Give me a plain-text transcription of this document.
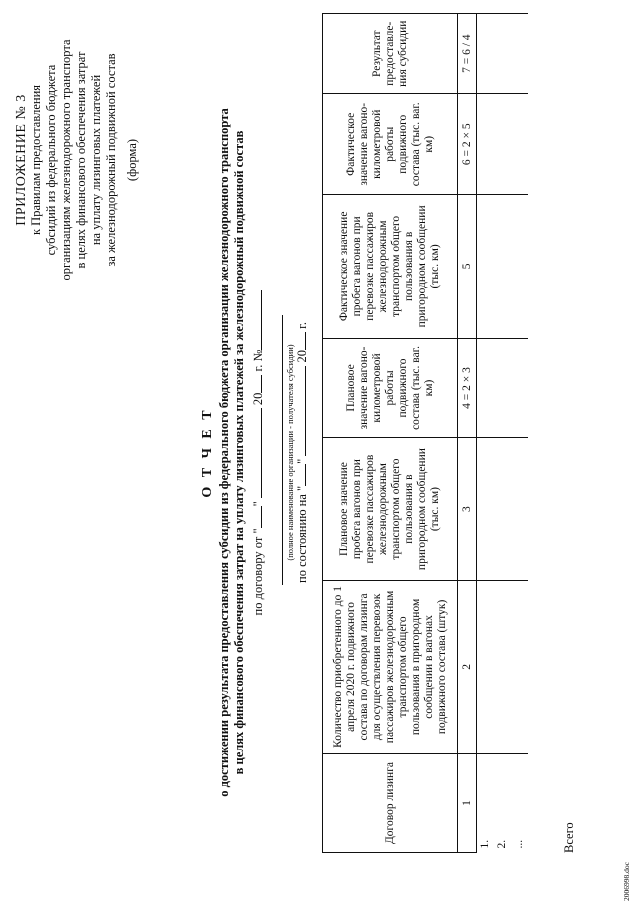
ПРИЛОЖЕНИЕ № 3 к Правилам предоставления субсидий из федерального бюджета организациям железнодорожного транспорта в целях финансового обеспечения затрат на уплату лизинговых платежей за железнодорожный подвижной состав (форма)
О Т Ч Е Т о достижении результата предоставления субсидии из федерального бюджета организации железнодорожного транспорта в целях финансового обеспечения затрат на уплату лизинговых платежей за железнодорожный подвижной состав по договору от ""  20 г. № (полное наименование организации - получателя субсидии) по состоянию на ""  20 г.
Договор лизинга	Количество приобретенного до 1 апреля 2020 г. подвижного состава по договорам лизинга для осуществления перевозок пассажиров железнодорожным транспортом общего пользования в пригородном сообщении в вагонах подвижного состава (штук)	Плановое значение пробега вагонов при перевозке пассажиров железнодорожным транспортом общего пользования в пригородном сообщении (тыс. км)	Плановое значение вагоно-километровой работы подвижного состава (тыс. ваг. км)	Фактическое значение пробега вагонов при перевозке пассажиров железнодорожным транспортом общего пользования в пригородном сообщении (тыс. км)	Фактическое значение вагоно-километровой работы подвижного состава (тыс. ваг. км)	Результат предоставле-ния субсидии
1	2	3	4 = 2 × 3	5	6 = 2 × 5	7 = 6 / 4
1.						
2.						
...							Всего
2006998.doc
